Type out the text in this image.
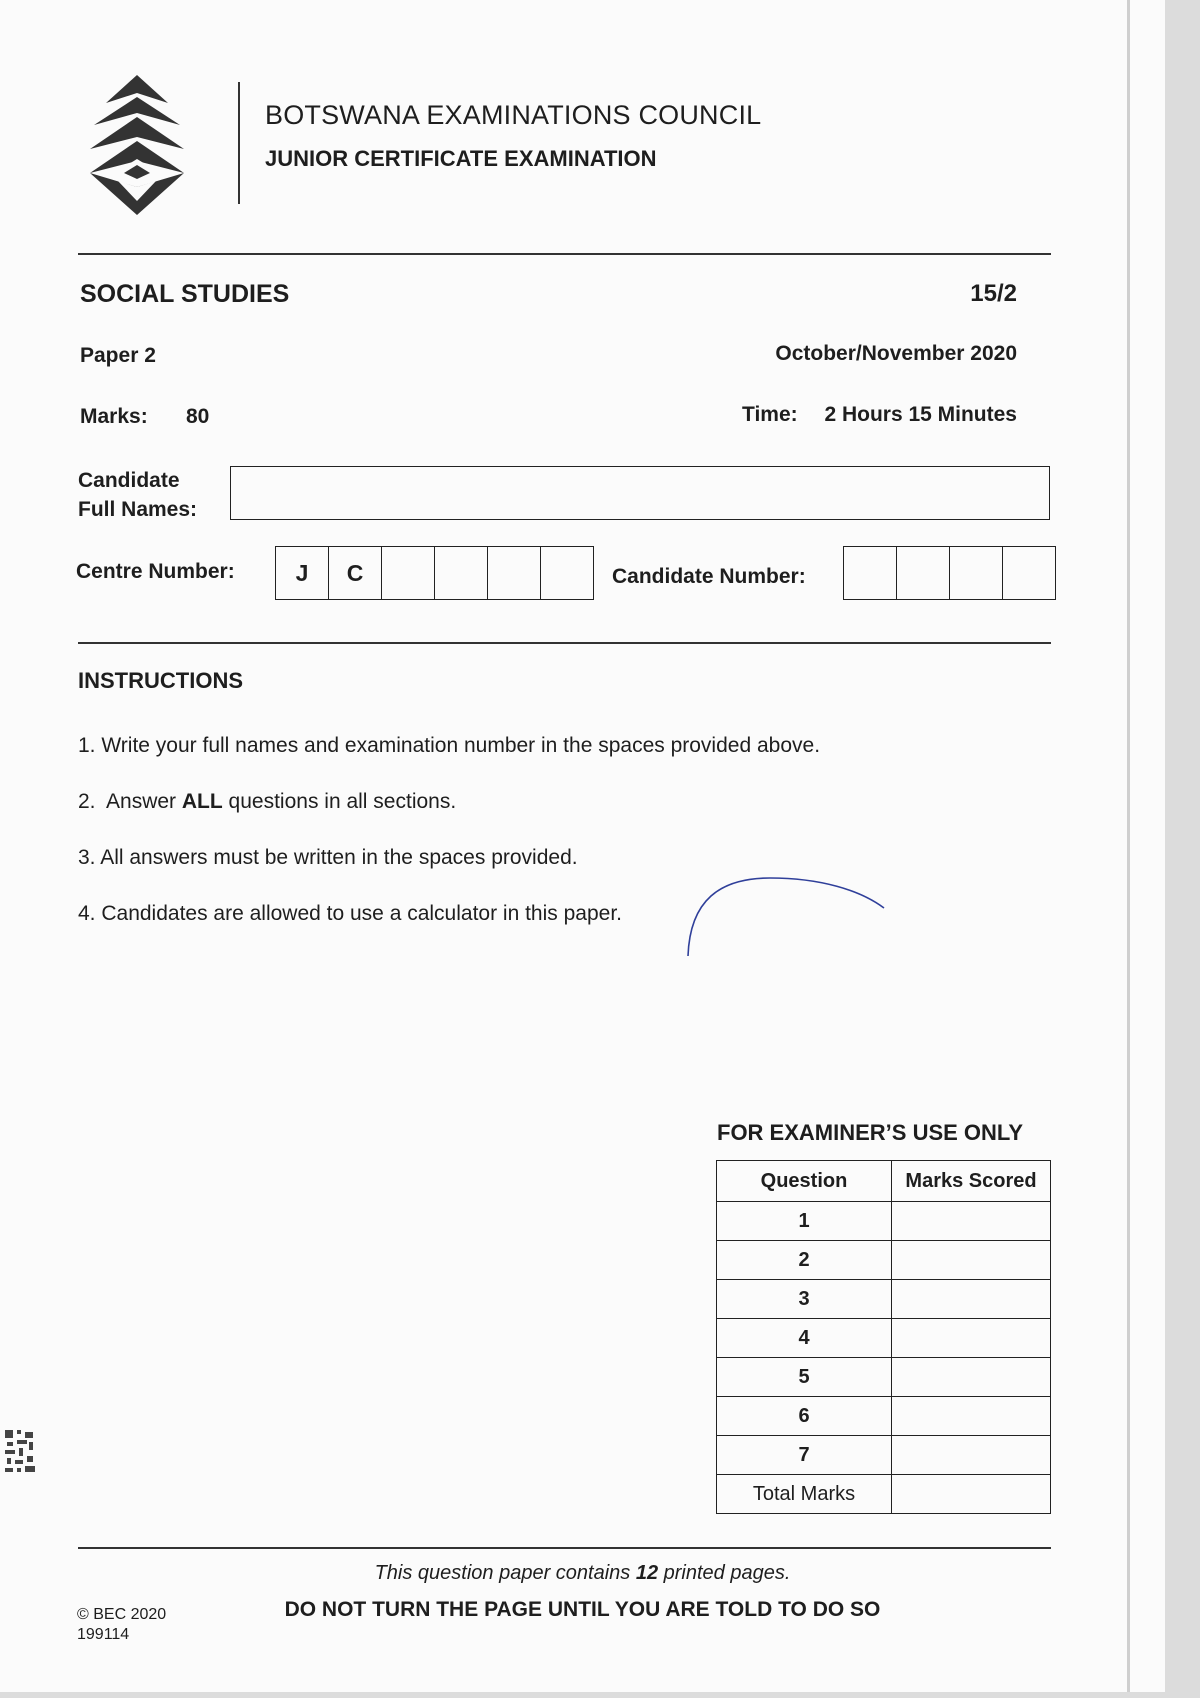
BOTSWANA EXAMINATIONS COUNCIL
JUNIOR CERTIFICATE EXAMINATION
SOCIAL STUDIES	15/2
Paper 2	October/November 2020
Marks: 80	Time: 2 Hours 15 Minutes
Candidate
Full Names:
Centre Number:	J	C	Candidate Number:
INSTRUCTIONS
1. Write your full names and examination number in the spaces provided above.
2.  Answer ALL questions in all sections.
3. All answers must be written in the spaces provided.
4. Candidates are allowed to use a calculator in this paper.
FOR EXAMINER’S USE ONLY
Question	Marks Scored
1	
2	
3	
4	
5	
6	
7	
Total Marks	
This question paper contains 12 printed pages.
DO NOT TURN THE PAGE UNTIL YOU ARE TOLD TO DO SO
© BEC 2020
199114
